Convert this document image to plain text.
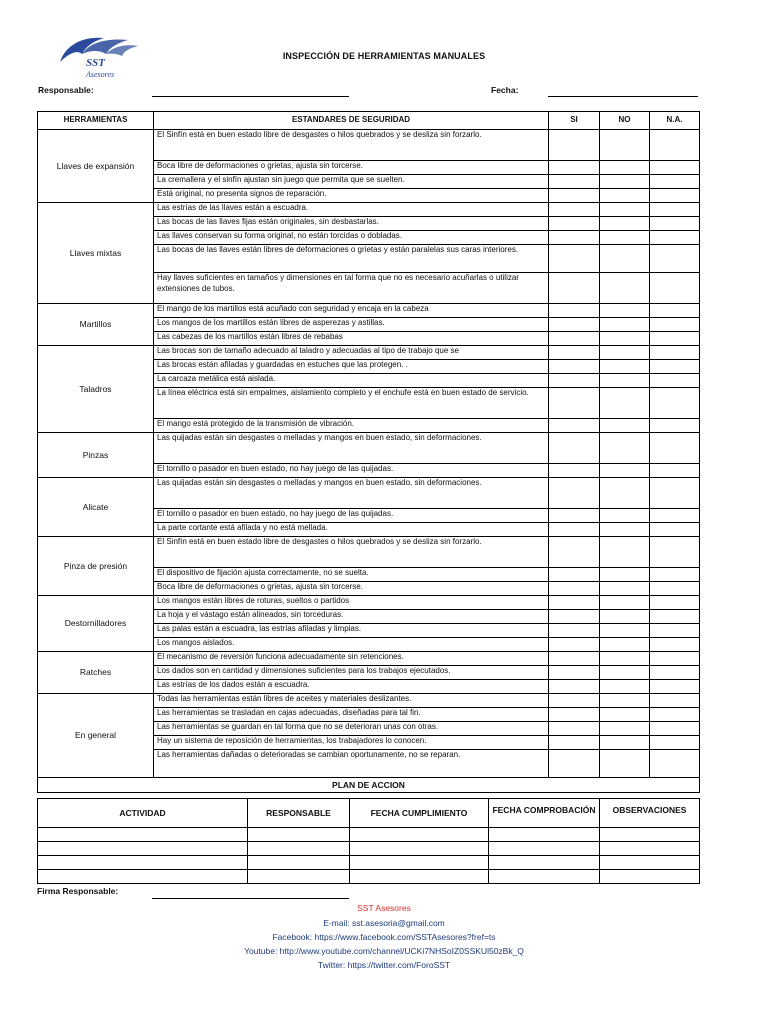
SST
Asesores
INSPECCIÓN DE HERRAMIENTAS MANUALES
Responsable:	Fecha:
HERRAMIENTAS	ESTANDARES DE SEGURIDAD	SI	NO	N.A.
Llaves de expansión	El Sinfín está en buen estado libre de desgastes o hilos quebrados y se desliza sin forzarlo.			
	Boca libre de deformaciones o grietas, ajusta sin torcerse.			
	La cremallera y el sinfín ajustan sin juego que permita que se suelten.			
	Está original, no presenta signos de reparación.			
Llaves mixtas	Las estrías de las llaves están a escuadra.			
	Las bocas de las llaves fijas están originales, sin desbastarlas.			
	Las llaves conservan su forma original, no están torcidas o dobladas.			
	Las bocas de las llaves están libres de deformaciones o grietas y están paralelas sus caras interiores.			
	Hay llaves suficientes en tamaños y dimensiones en tal forma que no es necesario acuñarlas o utilizar extensiones de tubos.			
Martillos	El mango de los martillos está acuñado con seguridad y encaja en la cabeza			
	Los mangos de los martillos están libres de asperezas y astillas.			
	Las cabezas de los martillos están libres de rebabas			
Taladros	Las brocas son de tamaño adecuado al taladro y adecuadas al tipo de trabajo que se			
	Las brocas están afiladas y guardadas en estuches que las protegen. .			
	La carcaza metálica está aislada.			
	La línea eléctrica está sin empalmes, aislamiento completo y el enchufe está en buen estado de servicio.			
	El mango está protegido de la transmisión de vibración.			
Pinzas	Las quijadas están sin desgastes o melladas y mangos en buen estado, sin deformaciones.			
	El tornillo o pasador en buen estado, no hay juego de las quijadas.			
Alicate	Las quijadas están sin desgastes o melladas y mangos en buen estado, sin deformaciones.			
	El tornillo o pasador en buen estado, no hay juego de las quijadas.			
	La parte cortante está afilada y no está mellada.			
Pinza de presión	El Sinfín está en buen estado libre de desgastes o hilos quebrados y se desliza sin forzarlo.			
	El dispositivo de fijación ajusta correctamente, no se suelta.			
	Boca libre de deformaciones o grietas, ajusta sin torcerse.			
Destornilladores	Los mangos están libres de roturas, sueltos o partidos			
	La hoja y el vástago están alineados, sin torceduras.			
	Las palas están a escuadra, las estrías afiladas y limpias.			
	Los mangos aislados.			
Ratches	El mecanismo de reversión funciona adecuadamente sin retenciones.			
	Los dados son en cantidad y dimensiones suficientes para los trabajos ejecutados.			
	Las estrías de los dados están a escuadra.			
En general	Todas las herramientas están libres de aceites y materiales deslizantes.			
	Las herramientas se trasladan en cajas adecuadas, diseñadas para tal fin.			
	Las herramientas se guardan en tal forma que no se deterioran unas con otras.			
	Hay un sistema de reposición de herramientas, los trabajadores lo conocen.			
	Las herramientas dañadas o deterioradas se cambian oportunamente, no se reparan.			
PLAN DE ACCION				
ACTIVIDAD	RESPONSABLE	FECHA CUMPLIMIENTO	FECHA COMPROBACIÓN	OBSERVACIONES

Firma Responsable:
SST Asesores
E-mail: sst.asesoria@gmail.com
Facebook: https://www.facebook.com/SSTAsesores?fref=ts
Youtube: http://www.youtube.com/channel/UCKi7NHSoIZ0SSKUl50zBk_Q
Twitter: https://twitter.com/ForoSST
